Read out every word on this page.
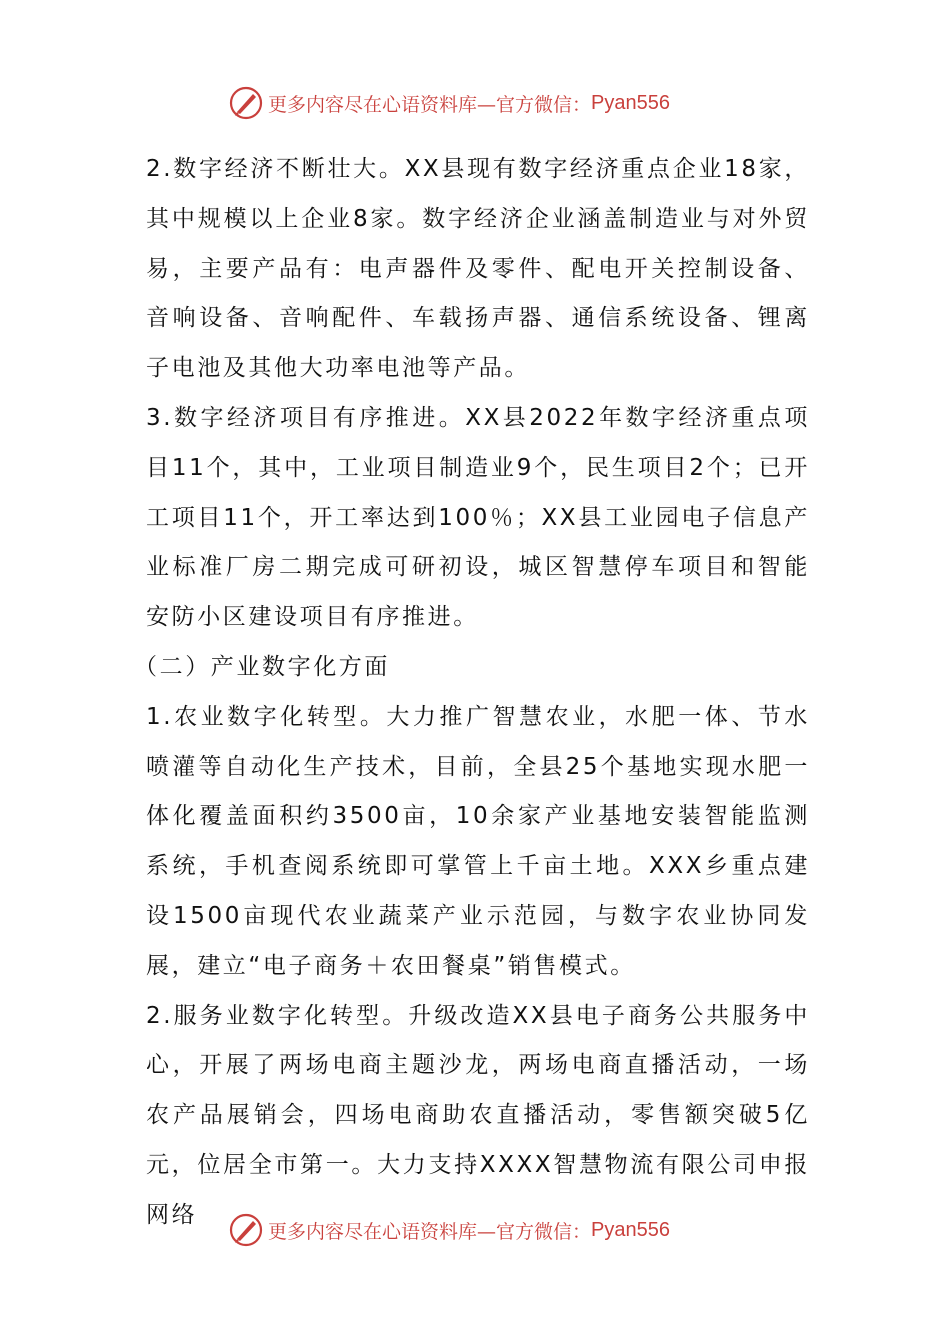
更多内容尽在心语资料库—官方微信： Pyan556

2.数字经济不断壮大。XX县现有数字经济重点企业18家，其中规模以上企业8家。数字经济企业涵盖制造业与对外贸易，主要产品有：电声器件及零件、配电开关控制设备、音响设备、音响配件、车载扬声器、通信系统设备、锂离子电池及其他大功率电池等产品。

3.数字经济项目有序推进。XX县2022年数字经济重点项目11个，其中，工业项目制造业9个，民生项目2个；已开工项目11个，开工率达到100％；XX县工业园电子信息产业标准厂房二期完成可研初设，城区智慧停车项目和智能安防小区建设项目有序推进。

（二）产业数字化方面

1.农业数字化转型。大力推广智慧农业，水肥一体、节水喷灌等自动化生产技术，目前，全县25个基地实现水肥一体化覆盖面积约3500亩，10余家产业基地安装智能监测系统，手机查阅系统即可掌管上千亩土地。XXX乡重点建设1500亩现代农业蔬菜产业示范园，与数字农业协同发展，建立“电子商务＋农田餐桌”销售模式。

2.服务业数字化转型。升级改造XX县电子商务公共服务中心，开展了两场电商主题沙龙，两场电商直播活动，一场农产品展销会，四场电商助农直播活动，零售额突破5亿元，位居全市第一。大力支持XXXX智慧物流有限公司申报网络

更多内容尽在心语资料库—官方微信： Pyan556
